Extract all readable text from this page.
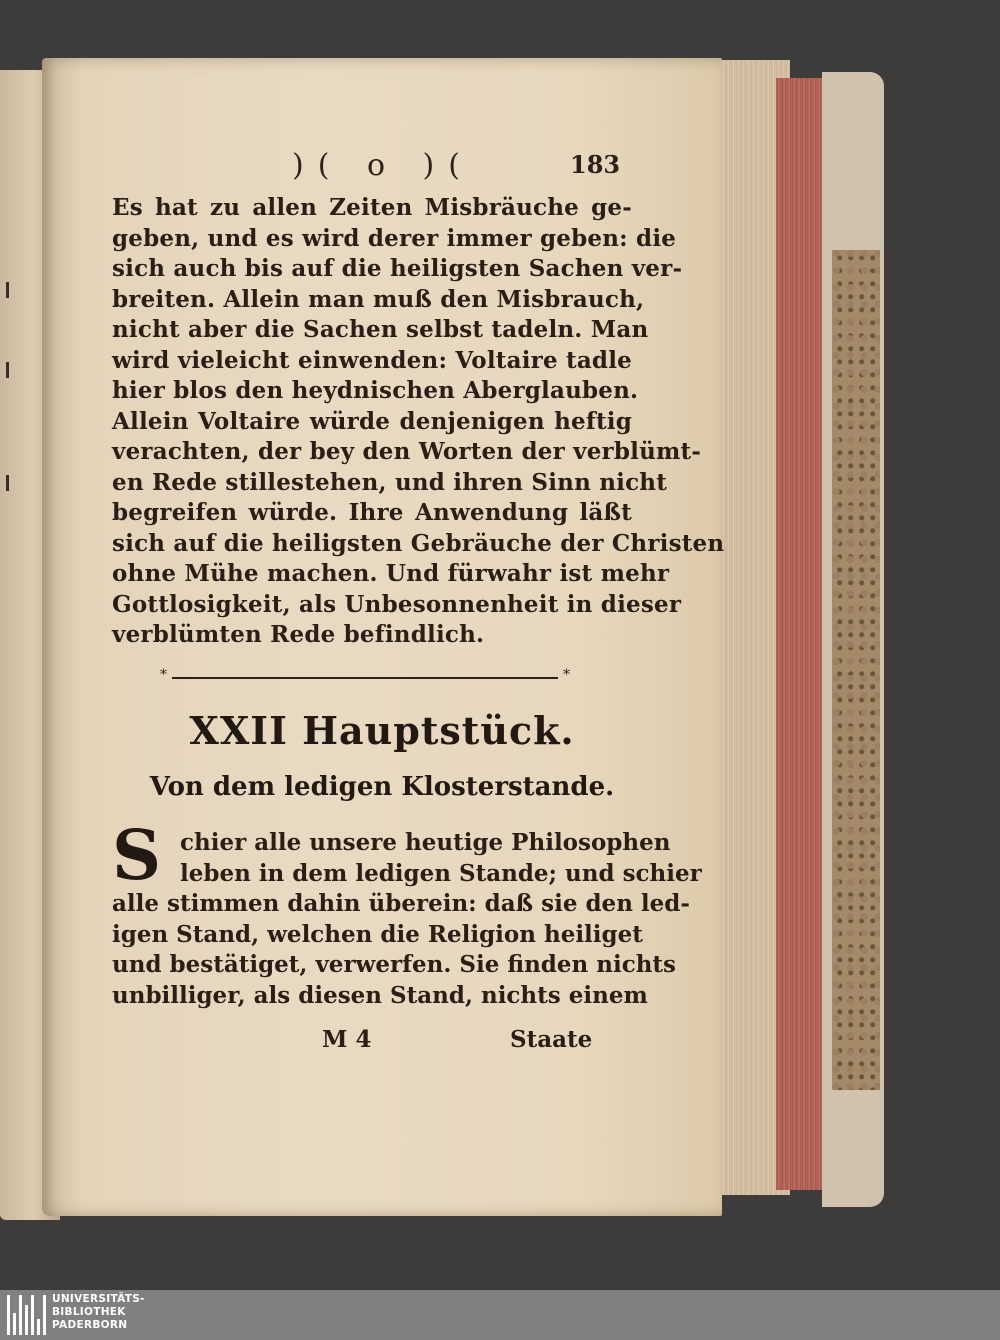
)( o )(	183
Es hat zu allen Zeiten Misbräuche ge-
geben, und es wird derer immer geben: die
sich auch bis auf die heiligsten Sachen ver-
breiten. Allein man muß den Misbrauch,
nicht aber die Sachen selbst tadeln. Man
wird vieleicht einwenden: Voltaire tadle
hier blos den heydnischen Aberglauben.
Allein Voltaire würde denjenigen heftig
verachten, der bey den Worten der verblümt-
en Rede stillestehen, und ihren Sinn nicht
begreifen würde. Ihre Anwendung läßt
sich auf die heiligsten Gebräuche der Christen
ohne Mühe machen. Und fürwahr ist mehr
Gottlosigkeit, als Unbesonnenheit in dieser
verblümten Rede befindlich.
*	*
XXII Hauptstück.
Von dem ledigen Klosterstande.
S chier alle unsere heutige Philosophen
leben in dem ledigen Stande; und schier
alle stimmen dahin überein: daß sie den led-
igen Stand, welchen die Religion heiliget
und bestätiget, verwerfen. Sie finden nichts
unbilliger, als diesen Stand, nichts einem
M 4	Staate
UNIVERSITÄTS-
BIBLIOTHEK
PADERBORN
